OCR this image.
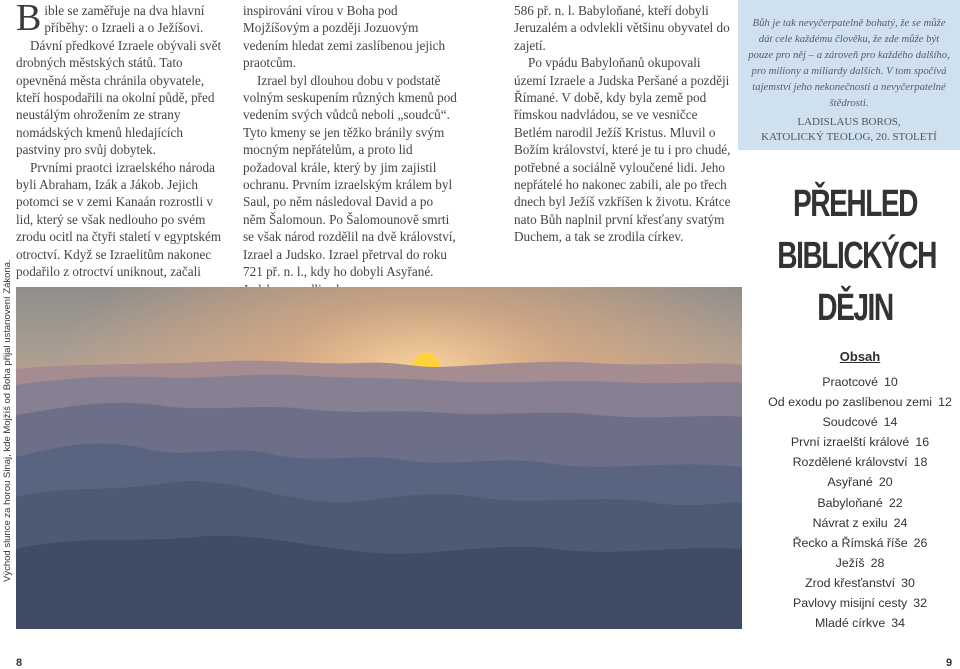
Bible se zaměřuje na dva hlavní příběhy: o Izraeli a o Ježíšovi.

Dávní předkové Izraele obývali svět drobných městských států. Tato opevněná města chránila obyvatele, kteří hospodařili na okolní půdě, před neustálým ohrožením ze strany nomádských kmenů hledajících pastviny pro svůj dobytek.

Prvními praotci izraelského národa byli Abraham, Izák a Jákob. Jejich potomci se v zemi Kanaán rozrostli v lid, který se však nedlouho po svém zrodu ocitl na čtyři staletí v egyptském otroctví. Když se Izraelitům nakonec podařilo z otroctví uniknout, začali

inspirováni vírou v Boha pod Mojžíšovým a později Jozuovým vedením hledat zemi zaslíbenou jejich praotcům.

Izrael byl dlouhou dobu v podstatě volným seskupením různých kmenů pod vedením svých vůdců neboli „soudců“. Tyto kmeny se jen těžko bránily svým mocným nepřátelům, a proto lid požadoval krále, který by jim zajistil ochranu. Prvním izraelským králem byl Saul, po něm následoval David a po něm Šalomoun. Po Šalomounově smrti se však národ rozdělil na dvě království, Izrael a Judsko. Izrael přetrval do roku 721 př. n. l., kdy ho dobyli Asyřané.

586 př. n. l. Babyloňané, kteří dobyli Jeruzalém a odvlekli většinu obyvatel do zajetí.

Po vpádu Babyloňanů okupovali území Izraele a Judska Peršané a později Římané. V době, kdy byla země pod římskou nadvládou, se ve vesničce Betlém narodil Ježíš Kristus. Mluvil o Božím království, které je tu i pro chudé, potřebné a sociálně vyloučené lidi. Jeho nepřátelé ho nakonec zabili, ale po třech dnech byl Ježíš vzkříšen k životu. Krátce nato Bůh naplnil první křesťany svatým Duchem, a tak se zrodila církev.

Bůh je tak nevyčerpatelně bohatý, že se může dát cele každému člověku, že zde může být pouze pro něj – a zároveň pro každého dalšího, pro miliony a miliardy dalších. V tom spočívá tajemství jeho nekonečnosti a nevyčerpatelné štědrosti.
LADISLAUS BOROS,
KATOLICKÝ TEOLOG, 20. STOLETÍ
PŘEHLED
BIBLICKÝCH
DĚJIN
Východ slunce za horou Sinaj, kde Mojžíš od Boha přijal ustanovení Zákona.	Obsah
Praotcové 10
Od exodu po zaslíbenou zemi 12
Soudcové 14
První izraelští králové 16
Rozdělené království 18
Asyřané 20
Babyloňané 22
Návrat z exilu 24
Řecko a Římská říše 26
Ježíš 28
Zrod křesťanství 30
Pavlovy misijní cesty 32
Mladé církve 34
8	9
